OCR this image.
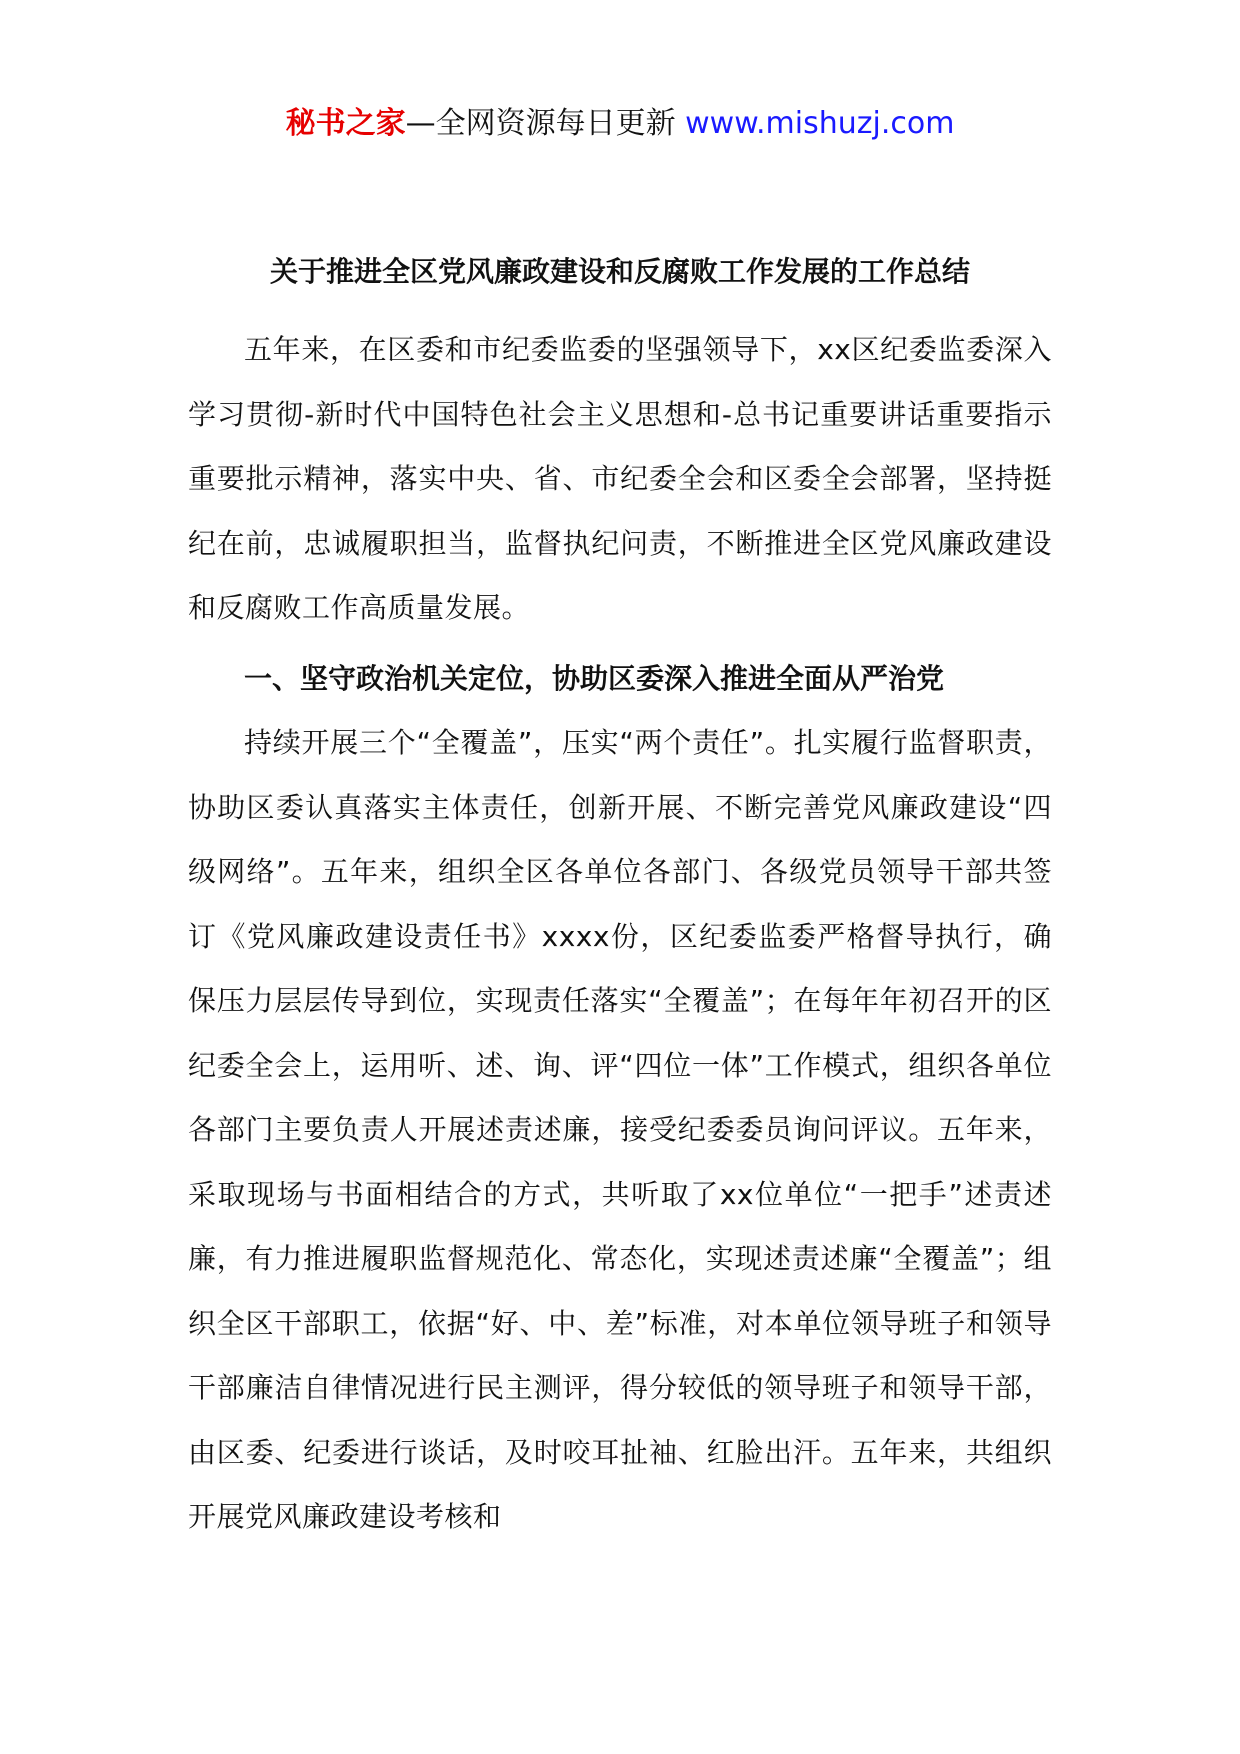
秘书之家—全网资源每日更新 www.mishuzj.com
关于推进全区党风廉政建设和反腐败工作发展的工作总结

五年来，在区委和市纪委监委的坚强领导下，xx区纪委监委深入学习贯彻-新时代中国特色社会主义思想和-总书记重要讲话重要指示重要批示精神，落实中央、省、市纪委全会和区委全会部署，坚持挺纪在前，忠诚履职担当，监督执纪问责，不断推进全区党风廉政建设和反腐败工作高质量发展。

一、坚守政治机关定位，协助区委深入推进全面从严治党

持续开展三个“全覆盖”，压实“两个责任”。扎实履行监督职责，协助区委认真落实主体责任，创新开展、不断完善党风廉政建设“四级网络”。五年来，组织全区各单位各部门、各级党员领导干部共签订《党风廉政建设责任书》xxxx份，区纪委监委严格督导执行，确保压力层层传导到位，实现责任落实“全覆盖”；在每年年初召开的区纪委全会上，运用听、述、询、评“四位一体”工作模式，组织各单位各部门主要负责人开展述责述廉，接受纪委委员询问评议。五年来，采取现场与书面相结合的方式，共听取了xx位单位“一把手”述责述廉，有力推进履职监督规范化、常态化，实现述责述廉“全覆盖”；组织全区干部职工，依据“好、中、差”标准，对本单位领导班子和领导干部廉洁自律情况进行民主测评，得分较低的领导班子和领导干部，由区委、纪委进行谈话，及时咬耳扯袖、红脸出汗。五年来，共组织开展党风廉政建设考核和
